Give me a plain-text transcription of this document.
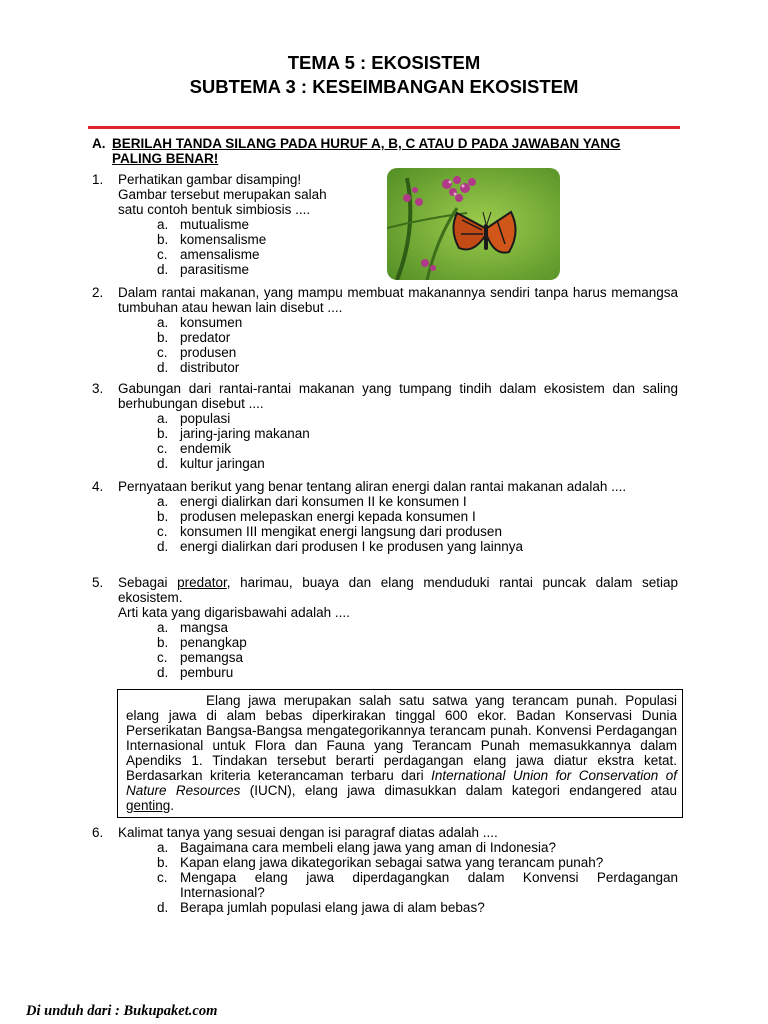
TEMA 5 : EKOSISTEM
SUBTEMA 3 : KESEIMBANGAN EKOSISTEM
A. BERILAH TANDA SILANG PADA HURUF A, B, C ATAU D PADA JAWABAN YANG PALING BENAR!
1. Perhatikan gambar disamping!
Gambar tersebut merupakan salah
satu contoh bentuk simbiosis ....
a. mutualisme
b. komensalisme
c. amensalisme
d. parasitisme
2. Dalam rantai makanan, yang mampu membuat makanannya sendiri tanpa harus memangsa tumbuhan atau hewan lain disebut ....

a. konsumen
b. predator
c. produsen
d. distributor
3. Gabungan dari rantai-rantai makanan yang tumpang tindih dalam ekosistem dan saling berhubungan disebut ....

a. populasi
b. jaring-jaring makanan
c. endemik
d. kultur jaringan
4. Pernyataan berikut yang benar tentang aliran energi dalan rantai makanan adalah ....

a. energi dialirkan dari konsumen II ke konsumen I
b. produsen melepaskan energi kepada konsumen I
c. konsumen III mengikat energi langsung dari produsen
d. energi dialirkan dari produsen I ke produsen yang lainnya
5. Sebagai predator, harimau, buaya dan elang menduduki rantai puncak dalam setiap ekosistem.

Arti kata yang digarisbawahi adalah ....

a. mangsa
b. penangkap
c. pemangsa
d. pemburu
Elang jawa merupakan salah satu satwa yang terancam punah. Populasi elang jawa di alam bebas diperkirakan tinggal 600 ekor. Badan Konservasi Dunia Perserikatan Bangsa-Bangsa mengategorikannya terancam punah. Konvensi Perdagangan Internasional untuk Flora dan Fauna yang Terancam Punah memasukkannya dalam Apendiks 1. Tindakan tersebut berarti perdagangan elang jawa diatur ekstra ketat. Berdasarkan kriteria keterancaman terbaru dari International Union for Conservation of Nature Resources (IUCN), elang jawa dimasukkan dalam kategori endangered atau genting.
6. Kalimat tanya yang sesuai dengan isi paragraf diatas adalah ....

a. Bagaimana cara membeli elang jawa yang aman di Indonesia?
b. Kapan elang jawa dikategorikan sebagai satwa yang terancam punah?
c. Mengapa elang jawa diperdagangkan dalam Konvensi Perdagangan Internasional?
d. Berapa jumlah populasi elang jawa di alam bebas?
Di unduh dari : Bukupaket.com
